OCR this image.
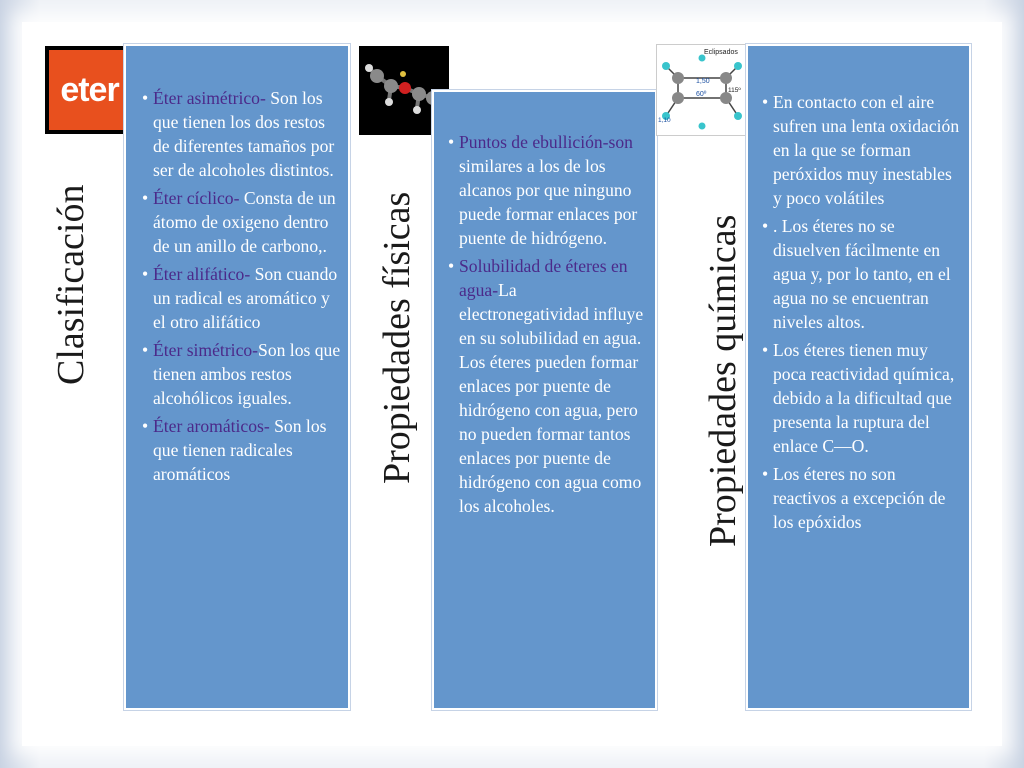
eter
Clasificación
• Éter asimétrico- Son los que tienen los dos restos de diferentes tamaños por ser de alcoholes distintos.
• Éter cíclico- Consta de un átomo de oxigeno dentro de un anillo de carbono,.
• Éter alifático- Son cuando un radical es aromático y el otro alifático
• Éter simétrico-Son los que tienen ambos restos alcohólicos iguales.
• Éter aromáticos- Son los que tienen radicales aromáticos	Propiedades físicas
• Puntos de ebullición-son similares a los de los alcanos por que ninguno puede formar enlaces por puente de hidrógeno.
• Solubilidad de éteres en agua-La electronegatividad influye en su solubilidad en agua. Los éteres pueden formar enlaces por puente de hidrógeno con agua, pero no pueden formar tantos enlaces por puente de hidrógeno con agua como los alcoholes.
Eclipsados
1,50
60º
115º
1,10
Propiedades químicas
• En contacto con el aire sufren una lenta oxidación en la que se forman peróxidos muy inestables y poco volátiles
• . Los éteres no se disuelven fácilmente en agua y, por lo tanto, en el agua no se encuentran niveles altos.
• Los éteres tienen muy poca reactividad química, debido a la dificultad que presenta la ruptura del enlace C—O.
• Los éteres no son reactivos a excepción de los epóxidos
